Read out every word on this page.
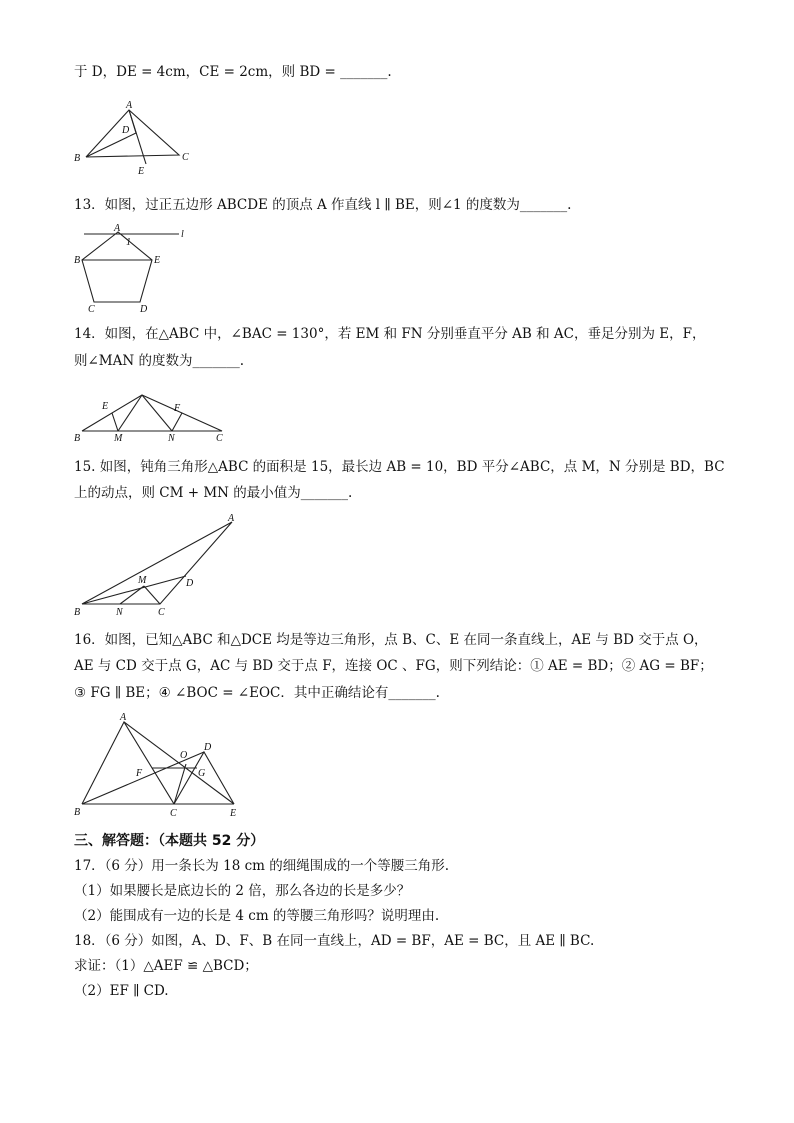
于 D，DE = 4cm，CE = 2cm，则 BD = _______.
A
D
B
E
C
13．如图，过正五边形 ABCDE 的顶点 A 作直线 l ∥ BE，则∠1 的度数为_______.
A
1
l
B	E
C	D
14．如图，在△ABC 中，∠BAC = 130°，若 EM 和 FN 分别垂直平分 AB 和 AC，垂足分别为 E，F，
则∠MAN 的度数为_______.
E	F
B	M	N	C
15. 如图，钝角三角形△ABC 的面积是 15，最长边 AB = 10，BD 平分∠ABC，点 M，N 分别是 BD，BC
上的动点，则 CM + MN 的最小值为_______.
A
M	D
B	N	C
16．如图，已知△ABC 和△DCE 均是等边三角形，点 B、C、E 在同一条直线上，AE 与 BD 交于点 O，
AE 与 CD 交于点 G，AC 与 BD 交于点 F，连接 OC 、FG，则下列结论：① AE = BD；② AG = BF；
③ FG ∥ BE；④ ∠BOC = ∠EOC．其中正确结论有_______.
A
O
D
F	G
B	C	E
三、解答题：（本题共 52 分）
17．（6 分）用一条长为 18 cm 的细绳围成的一个等腰三角形.
（1）如果腰长是底边长的 2 倍，那么各边的长是多少？
（2）能围成有一边的长是 4 cm 的等腰三角形吗？说明理由.
18．（6 分）如图，A、D、F、B 在同一直线上，AD = BF，AE = BC，且 AE ∥ BC.
求证：（1）△AEF ≌ △BCD；
（2）EF ∥ CD.
